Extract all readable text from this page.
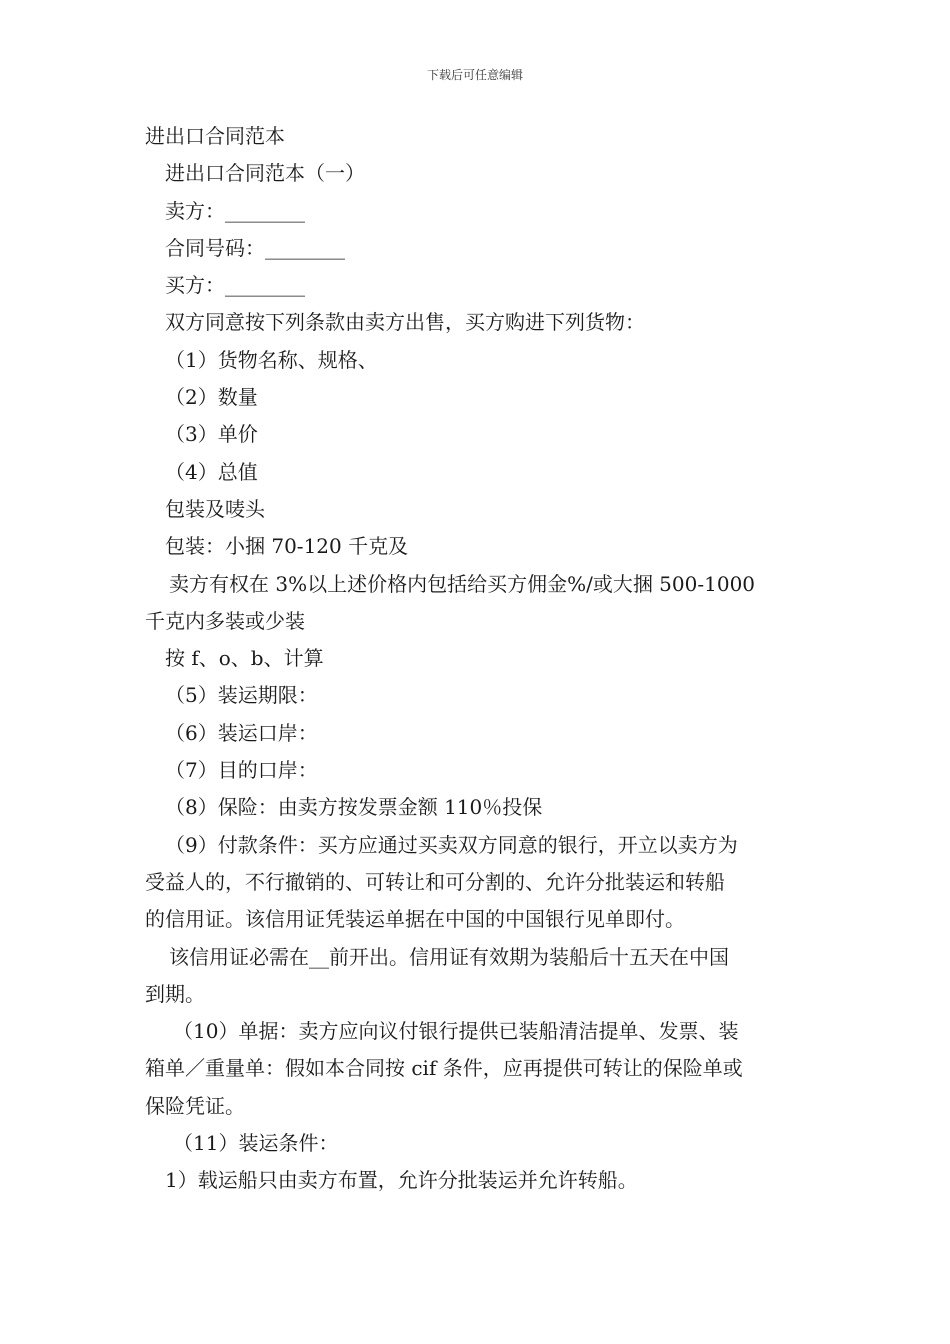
下载后可任意编辑
进出口合同范本
进出口合同范本（一）
卖方：________
合同号码：________
买方：________
双方同意按下列条款由卖方出售，买方购进下列货物：
（1）货物名称、规格、
（2）数量
（3）单价
（4）总值
包装及唛头
包装：小捆 70-120 千克及
卖方有权在 3%以上述价格内包括给买方佣金%/或大捆 500-1000
千克内多装或少装
按 f、o、b、计算
（5）装运期限：
（6）装运口岸：
（7）目的口岸：
（8）保险：由卖方按发票金额 110％投保
（9）付款条件：买方应通过买卖双方同意的银行，开立以卖方为
受益人的，不行撤销的、可转让和可分割的、允许分批装运和转船
的信用证。该信用证凭装运单据在中国的中国银行见单即付。
该信用证必需在__前开出。信用证有效期为装船后十五天在中国
到期。
（10）单据：卖方应向议付银行提供已装船清洁提单、发票、装
箱单／重量单：假如本合同按 cif 条件，应再提供可转让的保险单或
保险凭证。
（11）装运条件：
1）载运船只由卖方布置，允许分批装运并允许转船。
